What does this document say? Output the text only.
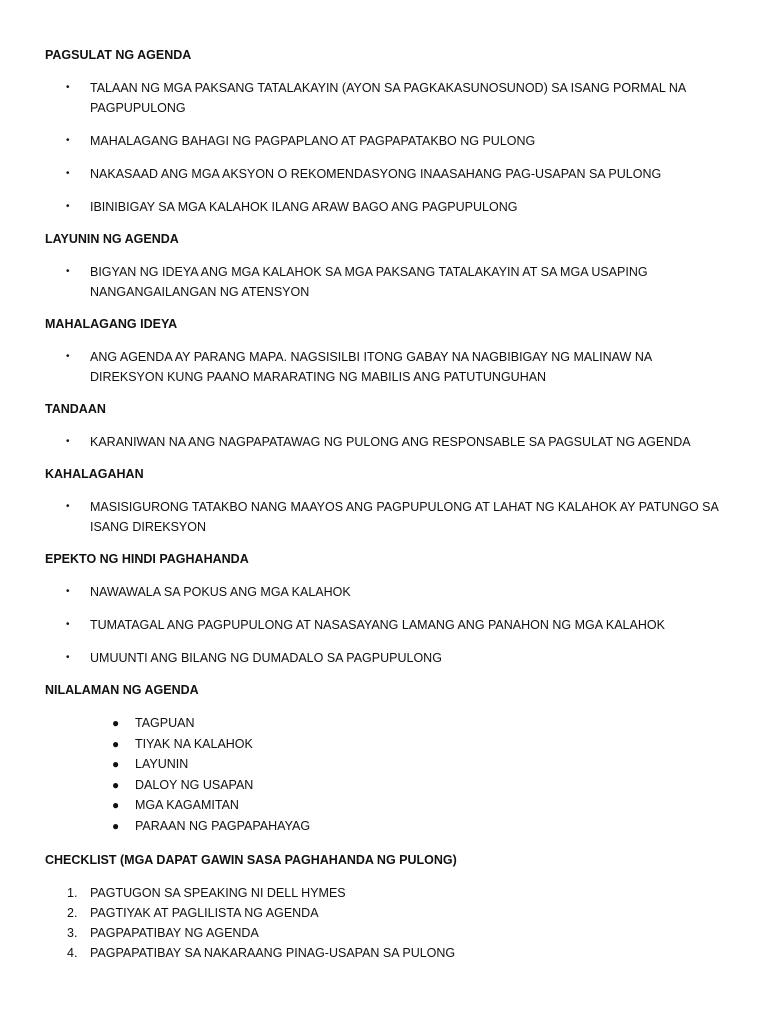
PAGSULAT NG AGENDA
• TALAAN NG MGA PAKSANG TATALAKAYIN (AYON SA PAGKAKASUNOSUNOD) SA ISANG PORMAL NA PAGPUPULONG
• MAHALAGANG BAHAGI NG PAGPAPLANO AT PAGPAPATAKBO NG PULONG
• NAKASAAD ANG MGA AKSYON O REKOMENDASYONG INAASAHANG PAG-USAPAN SA PULONG
• IBINIBIGAY SA MGA KALAHOK ILANG ARAW BAGO ANG PAGPUPULONG
LAYUNIN NG AGENDA
• BIGYAN NG IDEYA ANG MGA KALAHOK SA MGA PAKSANG TATALAKAYIN AT SA MGA USAPING NANGANGAILANGAN NG ATENSYON
MAHALAGANG IDEYA
• ANG AGENDA AY PARANG MAPA. NAGSISILBI ITONG GABAY NA NAGBIBIGAY NG MALINAW NA DIREKSYON KUNG PAANO MARARATING NG MABILIS ANG PATUTUNGUHAN
TANDAAN
• KARANIWAN NA ANG NAGPAPATAWAG NG PULONG ANG RESPONSABLE SA PAGSULAT NG AGENDA
KAHALAGAHAN
• MASISIGURONG TATAKBO NANG MAAYOS ANG PAGPUPULONG AT LAHAT NG KALAHOK AY PATUNGO SA ISANG DIREKSYON
EPEKTO NG HINDI PAGHAHANDA
• NAWAWALA SA POKUS ANG MGA KALAHOK
• TUMATAGAL ANG PAGPUPULONG AT NASASAYANG LAMANG ANG PANAHON NG MGA KALAHOK
• UMUUNTI ANG BILANG NG DUMADALO SA PAGPUPULONG
NILALAMAN NG AGENDA
● TAGPUAN
● TIYAK NA KALAHOK
● LAYUNIN
● DALOY NG USAPAN
● MGA KAGAMITAN
● PARAAN NG PAGPAPAHAYAG
CHECKLIST (MGA DAPAT GAWIN SASA PAGHAHANDA NG PULONG)
1. PAGTUGON SA SPEAKING NI DELL HYMES
2. PAGTIYAK AT PAGLILISTA NG AGENDA
3. PAGPAPATIBAY NG AGENDA
4. PAGPAPATIBAY SA NAKARAANG PINAG-USAPAN SA PULONG
